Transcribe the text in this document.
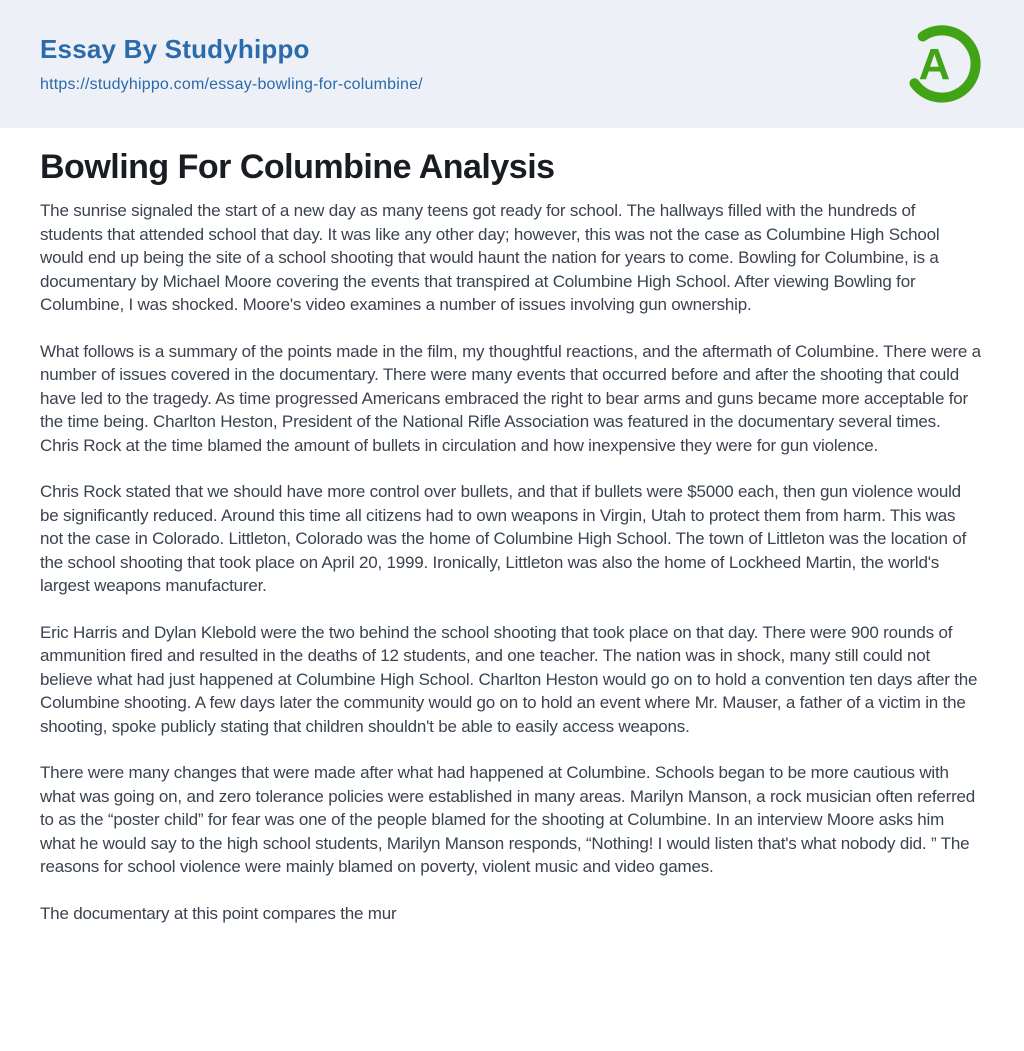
Essay By Studyhippo
https://studyhippo.com/essay-bowling-for-columbine/	A
Bowling For Columbine Analysis

The sunrise signaled the start of a new day as many teens got ready for school. The hallways filled with the hundreds of students that attended school that day. It was like any other day; however, this was not the case as Columbine High School would end up being the site of a school shooting that would haunt the nation for years to come. Bowling for Columbine, is a documentary by Michael Moore covering the events that transpired at Columbine High School. After viewing Bowling for Columbine, I was shocked. Moore's video examines a number of issues involving gun ownership.

What follows is a summary of the points made in the film, my thoughtful reactions, and the aftermath of Columbine. There were a number of issues covered in the documentary. There were many events that occurred before and after the shooting that could have led to the tragedy. As time progressed Americans embraced the right to bear arms and guns became more acceptable for the time being. Charlton Heston, President of the National Rifle Association was featured in the documentary several times. Chris Rock at the time blamed the amount of bullets in circulation and how inexpensive they were for gun violence.

Chris Rock stated that we should have more control over bullets, and that if bullets were $5000 each, then gun violence would be significantly reduced. Around this time all citizens had to own weapons in Virgin, Utah to protect them from harm. This was not the case in Colorado. Littleton, Colorado was the home of Columbine High School. The town of Littleton was the location of the school shooting that took place on April 20, 1999. Ironically, Littleton was also the home of Lockheed Martin, the world's largest weapons manufacturer.

Eric Harris and Dylan Klebold were the two behind the school shooting that took place on that day. There were 900 rounds of ammunition fired and resulted in the deaths of 12 students, and one teacher. The nation was in shock, many still could not believe what had just happened at Columbine High School. Charlton Heston would go on to hold a convention ten days after the Columbine shooting. A few days later the community would go on to hold an event where Mr. Mauser, a father of a victim in the shooting, spoke publicly stating that children shouldn't be able to easily access weapons.

There were many changes that were made after what had happened at Columbine. Schools began to be more cautious with what was going on, and zero tolerance policies were established in many areas. Marilyn Manson, a rock musician often referred to as the “poster child” for fear was one of the people blamed for the shooting at Columbine. In an interview Moore asks him what he would say to the high school students, Marilyn Manson responds, “Nothing! I would listen that's what nobody did. ” The reasons for school violence were mainly blamed on poverty, violent music and video games.

The documentary at this point compares the mur
